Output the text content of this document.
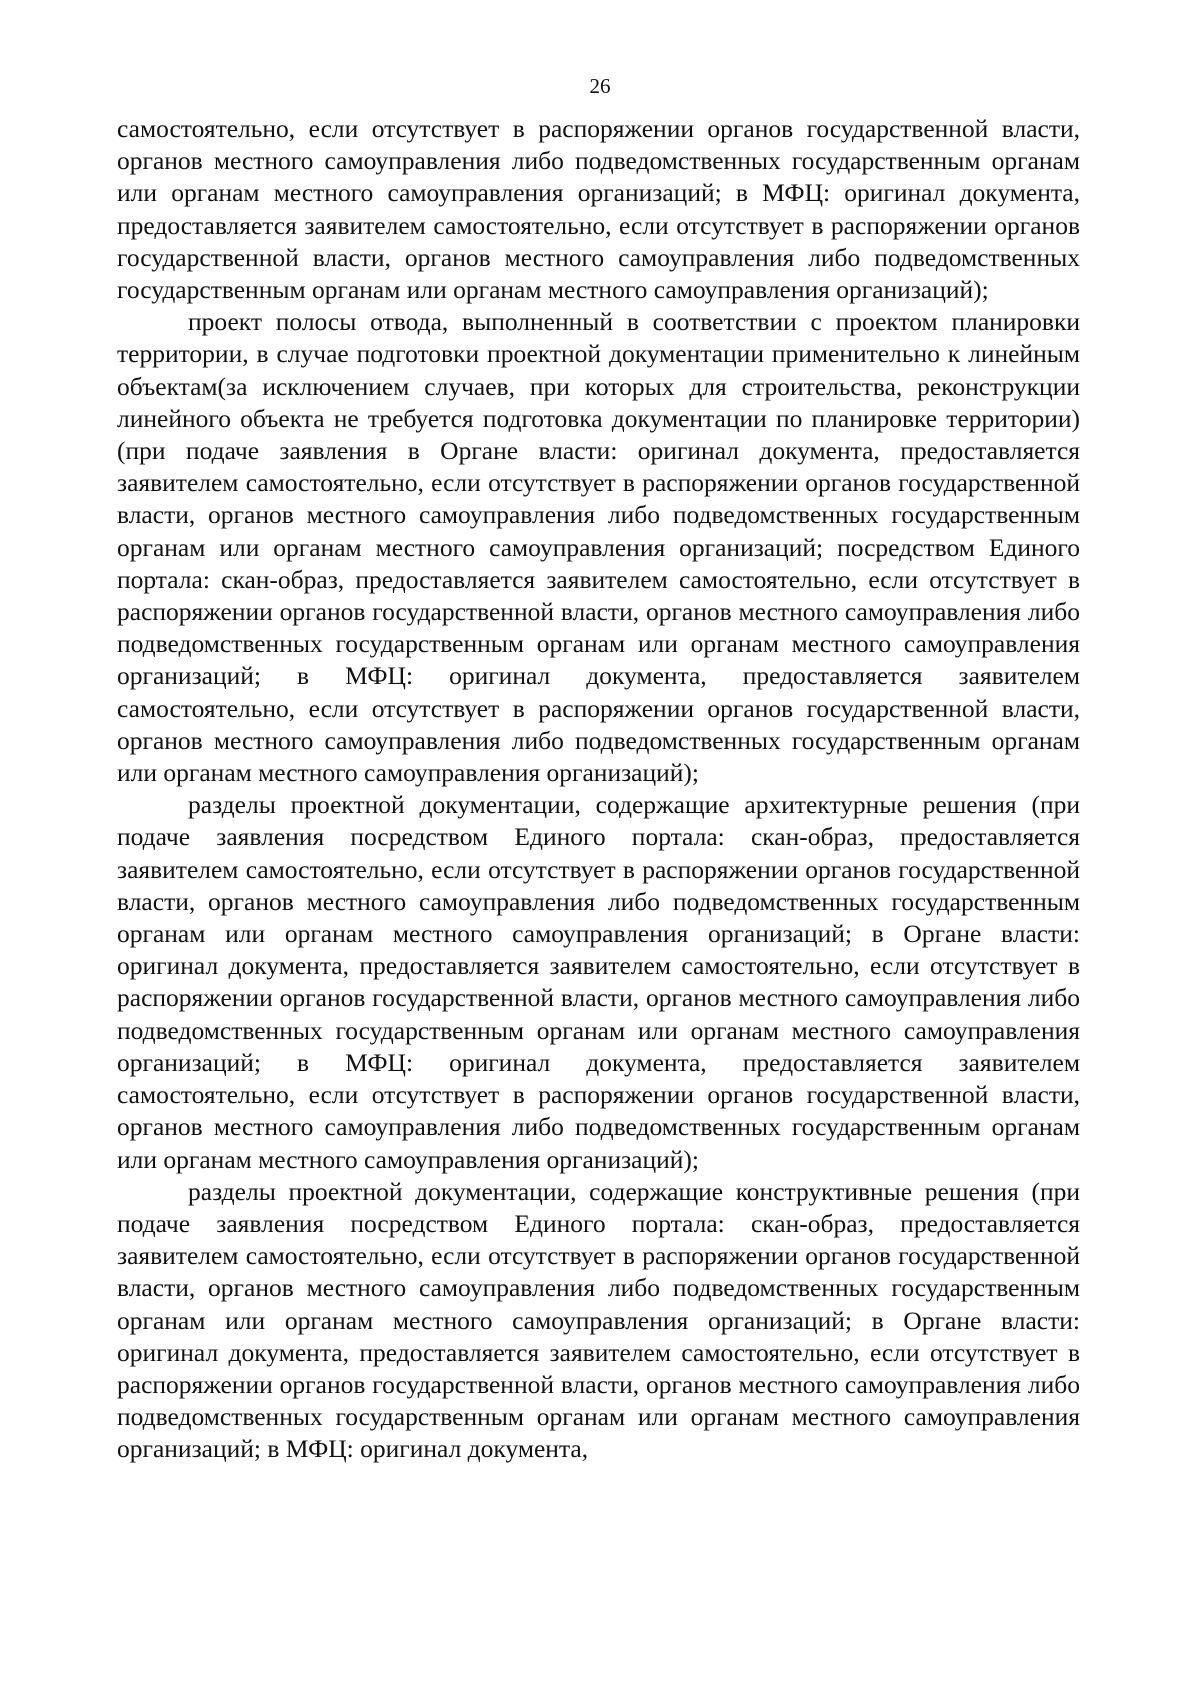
26

самостоятельно, если отсутствует в распоряжении органов государственной власти, органов местного самоуправления либо подведомственных государственным органам или органам местного самоуправления организаций; в МФЦ: оригинал документа, предоставляется заявителем самостоятельно, если отсутствует в распоряжении органов государственной власти, органов местного самоуправления либо подведомственных государственным органам или органам местного самоуправления организаций);

проект полосы отвода, выполненный в соответствии с проектом планировки территории, в случае подготовки проектной документации применительно к линейным объектам(за исключением случаев, при которых для строительства, реконструкции линейного объекта не требуется подготовка документации по планировке территории) (при подаче заявления в Органе власти: оригинал документа, предоставляется заявителем самостоятельно, если отсутствует в распоряжении органов государственной власти, органов местного самоуправления либо подведомственных государственным органам или органам местного самоуправления организаций; посредством Единого портала: скан-образ, предоставляется заявителем самостоятельно, если отсутствует в распоряжении органов государственной власти, органов местного самоуправления либо подведомственных государственным органам или органам местного самоуправления организаций; в МФЦ: оригинал документа, предоставляется заявителем самостоятельно, если отсутствует в распоряжении органов государственной власти, органов местного самоуправления либо подведомственных государственным органам или органам местного самоуправления организаций);

разделы проектной документации, содержащие архитектурные решения (при подаче заявления посредством Единого портала: скан-образ, предоставляется заявителем самостоятельно, если отсутствует в распоряжении органов государственной власти, органов местного самоуправления либо подведомственных государственным органам или органам местного самоуправления организаций; в Органе власти: оригинал документа, предоставляется заявителем самостоятельно, если отсутствует в распоряжении органов государственной власти, органов местного самоуправления либо подведомственных государственным органам или органам местного самоуправления организаций; в МФЦ: оригинал документа, предоставляется заявителем самостоятельно, если отсутствует в распоряжении органов государственной власти, органов местного самоуправления либо подведомственных государственным органам или органам местного самоуправления организаций);

разделы проектной документации, содержащие конструктивные решения (при подаче заявления посредством Единого портала: скан-образ, предоставляется заявителем самостоятельно, если отсутствует в распоряжении органов государственной власти, органов местного самоуправления либо подведомственных государственным органам или органам местного самоуправления организаций; в Органе власти: оригинал документа, предоставляется заявителем самостоятельно, если отсутствует в распоряжении органов государственной власти, органов местного самоуправления либо подведомственных государственным органам или органам местного самоуправления организаций; в МФЦ: оригинал документа,
